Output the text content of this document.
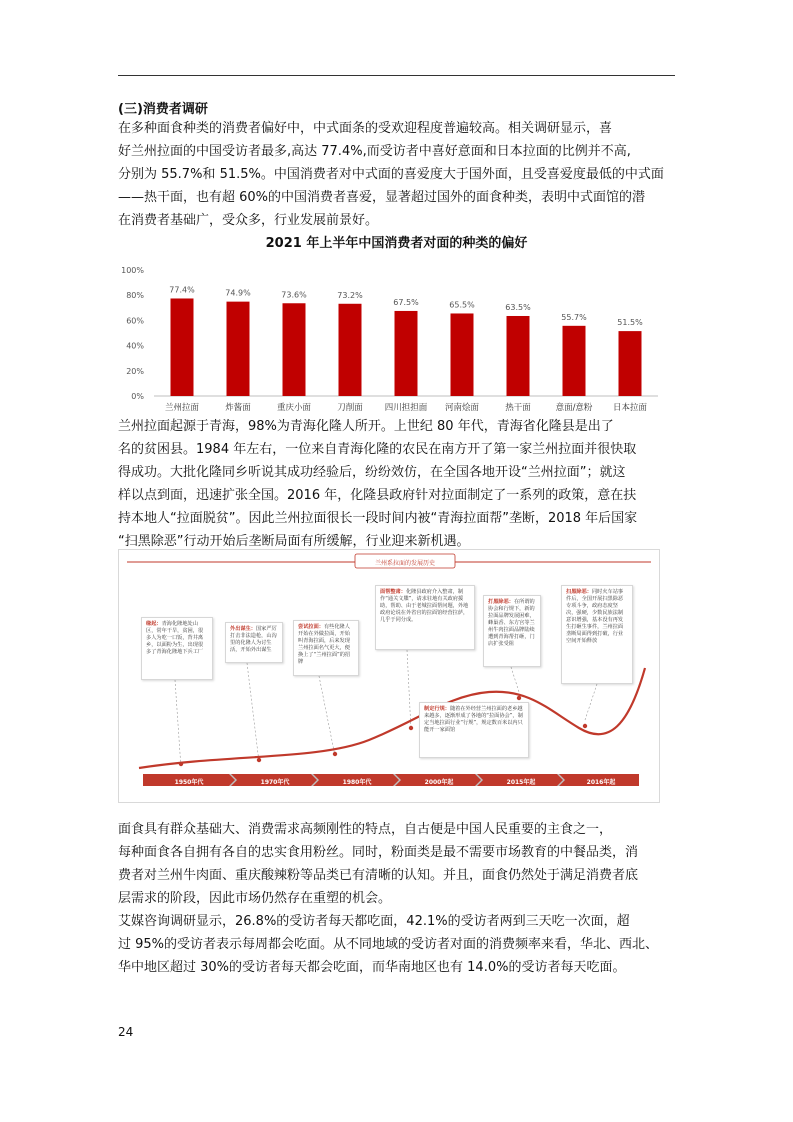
(三)消费者调研

在多种面食种类的消费者偏好中，中式面条的受欢迎程度普遍较高。相关调研显示，喜
好兰州拉面的中国受访者最多,高达 77.4%,而受访者中喜好意面和日本拉面的比例并不高,
分别为 55.7%和 51.5%。中国消费者对中式面的喜爱度大于国外面，且受喜爱度最低的中式面
——热干面，也有超 60%的中国消费者喜爱，显著超过国外的面食种类，表明中式面馆的潜
在消费者基础广，受众多，行业发展前景好。

2021 年上半年中国消费者对面的种类的偏好
0%
20%
40%
60%
80%
100%
77.4%
兰州拉面
74.9%
炸酱面
73.6%
重庆小面
73.2%
刀削面
67.5%
四川担担面
65.5%
河南烩面
63.5%
热干面
55.7%
意面/意粉
51.5%
日本拉面

兰州拉面起源于青海，98%为青海化隆人所开。上世纪 80 年代，青海省化隆县是出了
名的贫困县。1984 年左右，一位来自青海化隆的农民在南方开了第一家兰州拉面并很快取
得成功。大批化隆同乡听说其成功经验后，纷纷效仿，在全国各地开设“兰州拉面”；就这
样以点到面，迅速扩张全国。2016 年，化隆县政府针对拉面制定了一系列的政策，意在扶
持本地人“拉面脱贫”。因此兰州拉面很长一段时间内被“青海拉面帮”垄断，2018 年后国家
“扫黑除恶”行动开始后垄断局面有所缓解，行业迎来新机遇。

兰州系拉面的发展历史
缘起：青海化隆地处山区，常年干旱，贫困，很多人为吃一口饭，背井离乡，以面粉为生，出现很多了青海化隆地下兵工厂
外出谋生：国家严厉打击非法造枪，山沟里的化隆人为讨生活，开始外出谋生
尝试拉面：有些化隆人开始在外做拉面，开始叫青海拉面，后来发现兰州拉面名气更大，便换上了“兰州拉面”的招牌
面帮整肃：化隆县政府介入整肃，制作“通关文牒”，请求驻地有关政府援助，帮助、由于老城拉面帮问题，外地政府论说在外省官的拉面馆经营拉萨，几乎于同分成。
打黑除恶：在所谓的协会和行规下，新的拉面品牌发展困难，蜂巢香、东方宫等兰州牛肉拉面品牌陆续遭到青海帮打砸，门店扩张受阻
扫黑除恶：同时火车站事件后，全国开展扫黑除恶专项斗争，政府态度坚决，强硬，少数民族法制意识增强，基本没有再发生打砸生事件，兰州拉面垄断局面得到打破，行业空间开始释放
制定行规：随着在外经营兰州拉面的老乡越来越多，逐渐形成了各地的“拉面协会”，制定当地拉面行业“行规”，规定数百米以内只能开一家面馆
1950年代	1970年代	1980年代	2000年起	2015年起	2016年起

面食具有群众基础大、消费需求高频刚性的特点，自古便是中国人民重要的主食之一，
每种面食各自拥有各自的忠实食用粉丝。同时，粉面类是最不需要市场教育的中餐品类，消
费者对兰州牛肉面、重庆酸辣粉等品类已有清晰的认知。并且，面食仍然处于满足消费者底
层需求的阶段，因此市场仍然存在重塑的机会。
艾媒咨询调研显示，26.8%的受访者每天都吃面，42.1%的受访者两到三天吃一次面，超
过 95%的受访者表示每周都会吃面。从不同地域的受访者对面的消费频率来看，华北、西北、
华中地区超过 30%的受访者每天都会吃面，而华南地区也有 14.0%的受访者每天吃面。

24
